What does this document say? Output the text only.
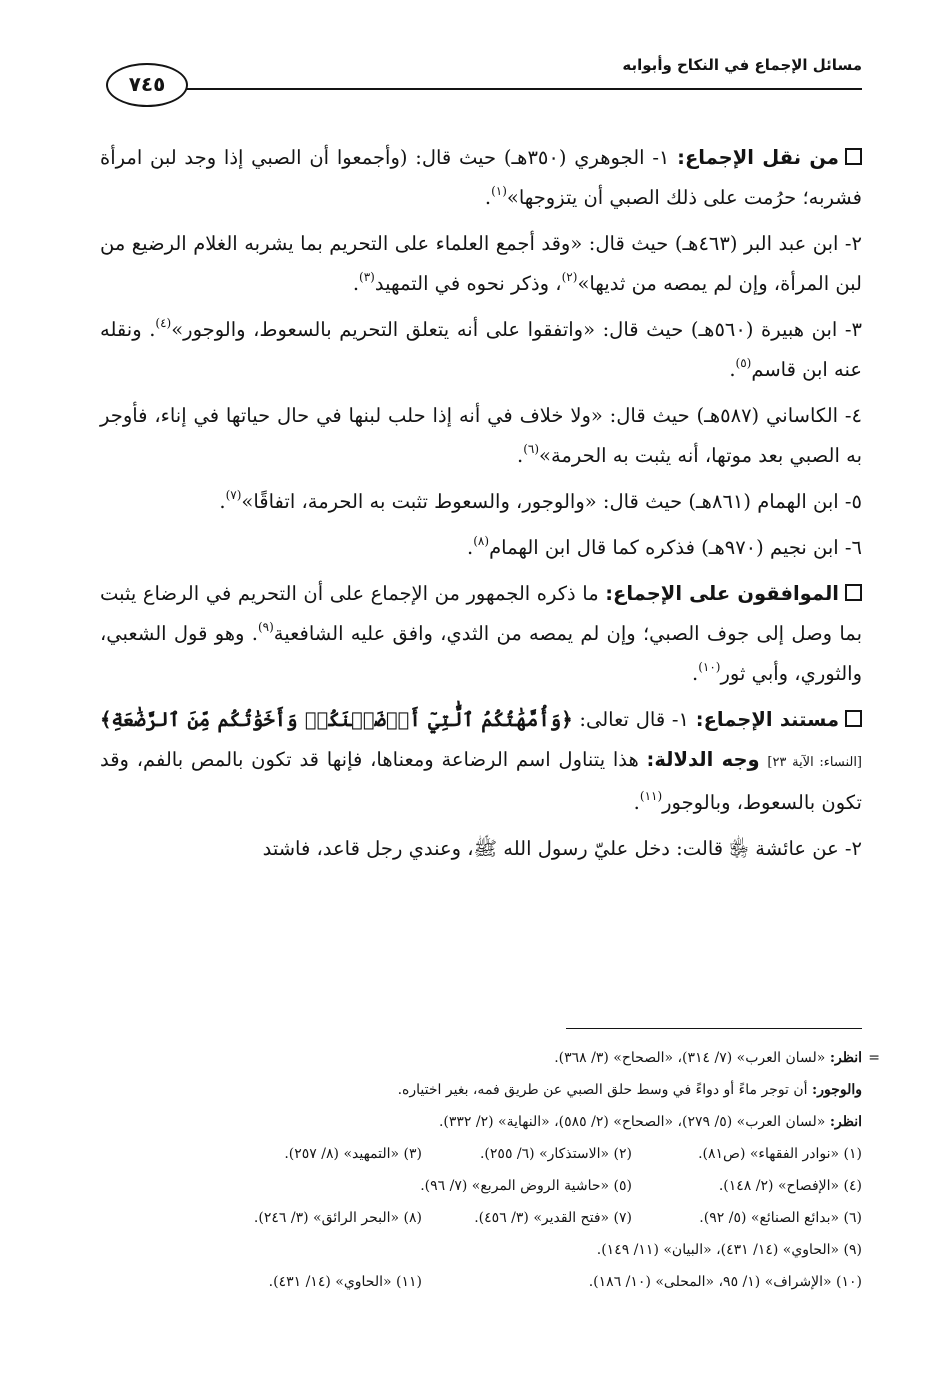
مسائل الإجماع في النكاح وأبوابه
٧٤٥

من نقل الإجماع: ١- الجوهري (٣٥٠هـ) حيث قال: (وأجمعوا أن الصبي إذا وجد لبن امرأة فشربه؛ حرُمت على ذلك الصبي أن يتزوجها»$^{(١)}$.

٢- ابن عبد البر (٤٦٣هـ) حيث قال: «وقد أجمع العلماء على التحريم بما يشربه الغلام الرضيع من لبن المرأة، وإن لم يمصه من ثديها»$^{(٢)}$، وذكر نحوه في التمهيد$^{(٣)}$.

٣- ابن هبيرة (٥٦٠هـ) حيث قال: «واتفقوا على أنه يتعلق التحريم بالسعوط، والوجور»$^{(٤)}$. ونقله عنه ابن قاسم$^{(٥)}$.

٤- الكاساني (٥٨٧هـ) حيث قال: «ولا خلاف في أنه إذا حلب لبنها في حال حياتها في إناء، فأوجر به الصبي بعد موتها، أنه يثبت به الحرمة»$^{(٦)}$.

٥- ابن الهمام (٨٦١هـ) حيث قال: «والوجور، والسعوط تثبت به الحرمة، اتفاقًا»$^{(٧)}$.

٦- ابن نجيم (٩٧٠هـ) فذكره كما قال ابن الهمام$^{(٨)}$.

الموافقون على الإجماع: ما ذكره الجمهور من الإجماع على أن التحريم في الرضاع يثبت بما وصل إلى جوف الصبي؛ وإن لم يمصه من الثدي، وافق عليه الشافعية$^{(٩)}$. وهو قول الشعبي، والثوري، وأبي ثور$^{(١٠)}$.

مستند الإجماع: ١- قال تعالى: ﴿وَأُمَّهَٰتُكُمُ ٱلَّٰتِيٓ أَرۡضَعۡنَكُمۡ وَأَخَوَٰتُكُم مِّنَ ٱلرَّضَٰعَةِ﴾ [النساء: الآية ٢٣] وجه الدلالة: هذا يتناول اسم الرضاعة ومعناها، فإنها قد تكون بالمص بالفم، وقد تكون بالسعوط، وبالوجور$^{(١١)}$.

٢- عن عائشة ﵂ قالت: دخل عليّ رسول الله ﷺ، وعندي رجل قاعد، فاشتد

انظر: «لسان العرب» (٧/ ٣١٤)، «الصحاح» (٣/ ٣٦٨).	=
والوجور: أن توجر ماءً أو دواءً في وسط حلق الصبي عن طريق فمه، بغير اختياره.
انظر: «لسان العرب» (٥/ ٢٧٩)، «الصحاح» (٢/ ٥٨٥)، «النهاية» (٢/ ٣٣٢).
(١) «نوادر الفقهاء» (ص٨١).
(٢) «الاستذكار» (٦/ ٢٥٥).
(٣) «التمهيد» (٨/ ٢٥٧).
(٤) «الإفصاح» (٢/ ١٤٨).
(٥) «حاشية الروض المربع» (٧/ ٩٦).
(٦) «بدائع الصنائع» (٥/ ٩٢).
(٧) «فتح القدير» (٣/ ٤٥٦).
(٨) «البحر الرائق» (٣/ ٢٤٦).
(٩) «الحاوي» (١٤/ ٤٣١)، «البيان» (١١/ ١٤٩).
(١٠) «الإشراف» (١/ ٩٥، «المحلى» (١٠/ ١٨٦).
(١١) «الحاوي» (١٤/ ٤٣١).
